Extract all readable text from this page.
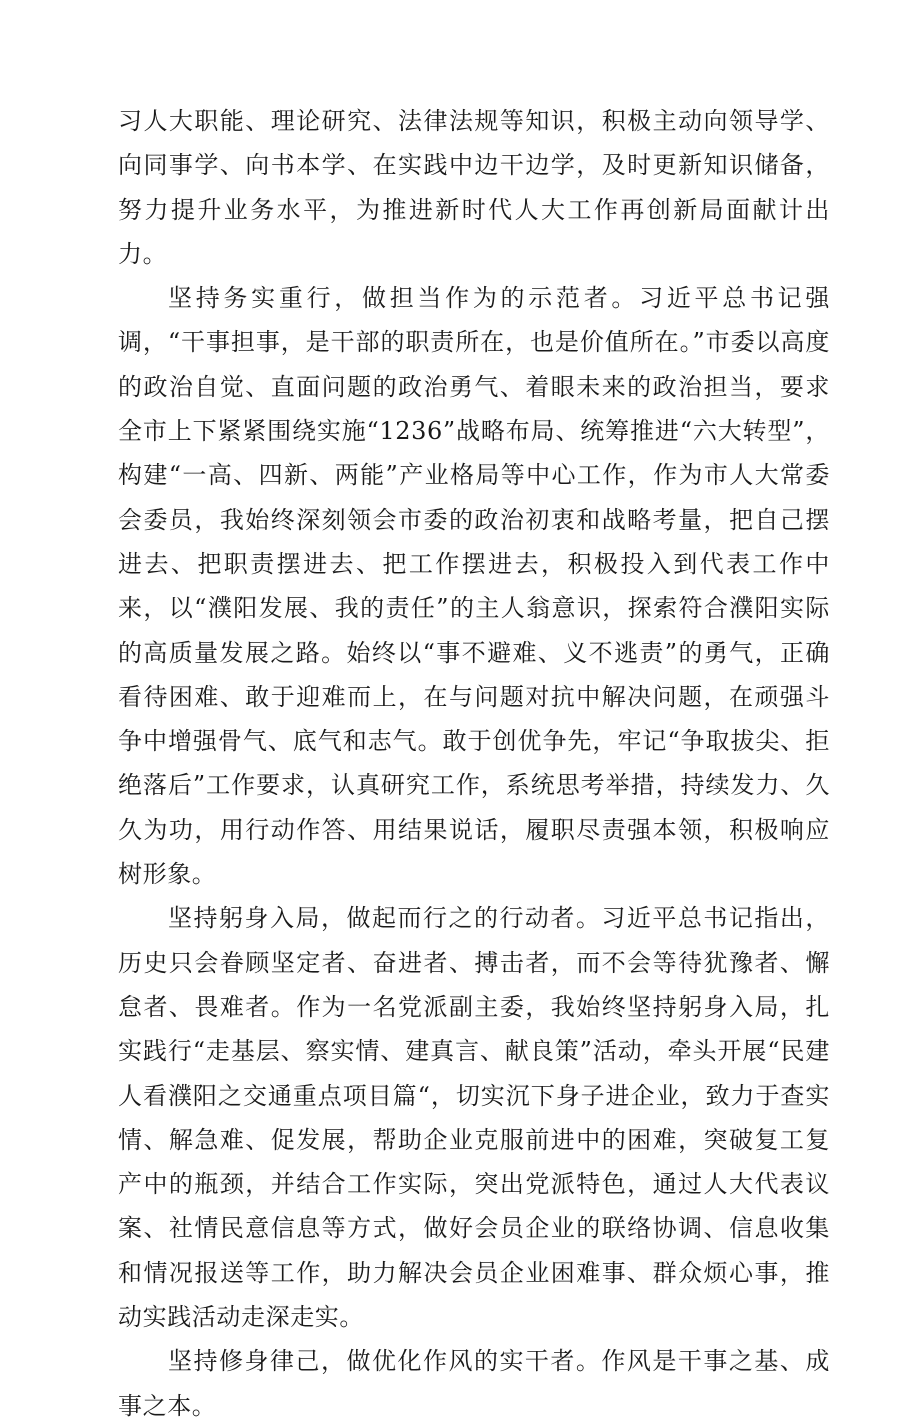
习人大职能、理论研究、法律法规等知识，积极主动向领导学、向同事学、向书本学、在实践中边干边学，及时更新知识储备，努力提升业务水平，为推进新时代人大工作再创新局面献计出力。

坚持务实重行，做担当作为的示范者。习近平总书记强调，“干事担事，是干部的职责所在，也是价值所在。”市委以高度的政治自觉、直面问题的政治勇气、着眼未来的政治担当，要求全市上下紧紧围绕实施“1236”战略布局、统筹推进“六大转型”，构建“一高、四新、两能”产业格局等中心工作，作为市人大常委会委员，我始终深刻领会市委的政治初衷和战略考量，把自己摆进去、把职责摆进去、把工作摆进去，积极投入到代表工作中来，以“濮阳发展、我的责任”的主人翁意识，探索符合濮阳实际的高质量发展之路。始终以“事不避难、义不逃责”的勇气，正确看待困难、敢于迎难而上，在与问题对抗中解决问题，在顽强斗争中增强骨气、底气和志气。敢于创优争先，牢记“争取拔尖、拒绝落后”工作要求，认真研究工作，系统思考举措，持续发力、久久为功，用行动作答、用结果说话，履职尽责强本领，积极响应树形象。

坚持躬身入局，做起而行之的行动者。习近平总书记指出，历史只会眷顾坚定者、奋进者、搏击者，而不会等待犹豫者、懈怠者、畏难者。作为一名党派副主委，我始终坚持躬身入局，扎实践行“走基层、察实情、建真言、献良策”活动，牵头开展“民建人看濮阳之交通重点项目篇“，切实沉下身子进企业，致力于查实情、解急难、促发展，帮助企业克服前进中的困难，突破复工复产中的瓶颈，并结合工作实际，突出党派特色，通过人大代表议案、社情民意信息等方式，做好会员企业的联络协调、信息收集和情况报送等工作，助力解决会员企业困难事、群众烦心事，推动实践活动走深走实。

坚持修身律己，做优化作风的实干者。作风是干事之基、成事之本。
